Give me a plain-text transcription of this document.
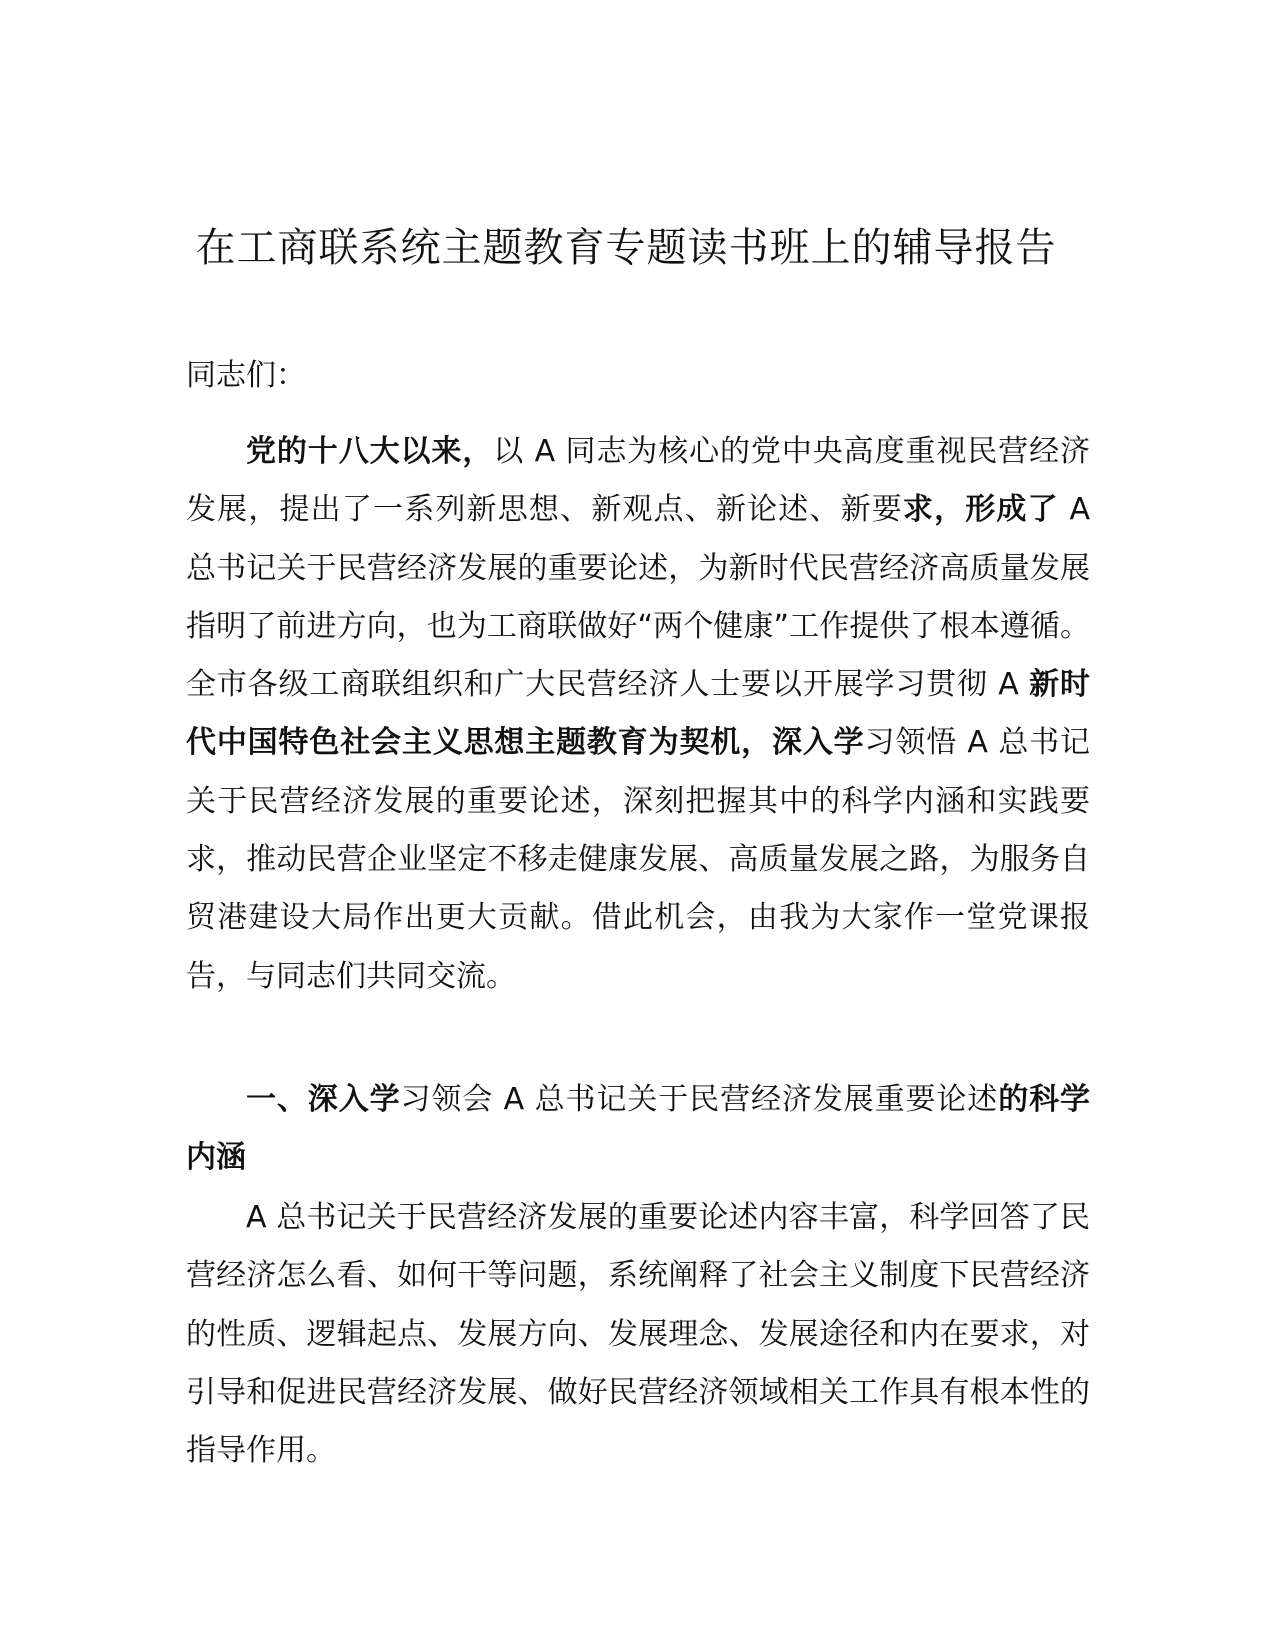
在工商联系统主题教育专题读书班上的辅导报告

同志们：

党的十八大以来，以 A 同志为核心的党中央高度重视民营经济发展，提出了一系列新思想、新观点、新论述、新要求，形成了 A 总书记关于民营经济发展的重要论述，为新时代民营经济高质量发展指明了前进方向，也为工商联做好“两个健康”工作提供了根本遵循。全市各级工商联组织和广大民营经济人士要以开展学习贯彻 A 新时代中国特色社会主义思想主题教育为契机，深入学习领悟 A 总书记关于民营经济发展的重要论述，深刻把握其中的科学内涵和实践要求，推动民营企业坚定不移走健康发展、高质量发展之路，为服务自贸港建设大局作出更大贡献。借此机会，由我为大家作一堂党课报告，与同志们共同交流。

一、深入学习领会 A 总书记关于民营经济发展重要论述的科学内涵

A 总书记关于民营经济发展的重要论述内容丰富，科学回答了民营经济怎么看、如何干等问题，系统阐释了社会主义制度下民营经济的性质、逻辑起点、发展方向、发展理念、发展途径和内在要求，对引导和促进民营经济发展、做好民营经济领域相关工作具有根本性的指导作用。
